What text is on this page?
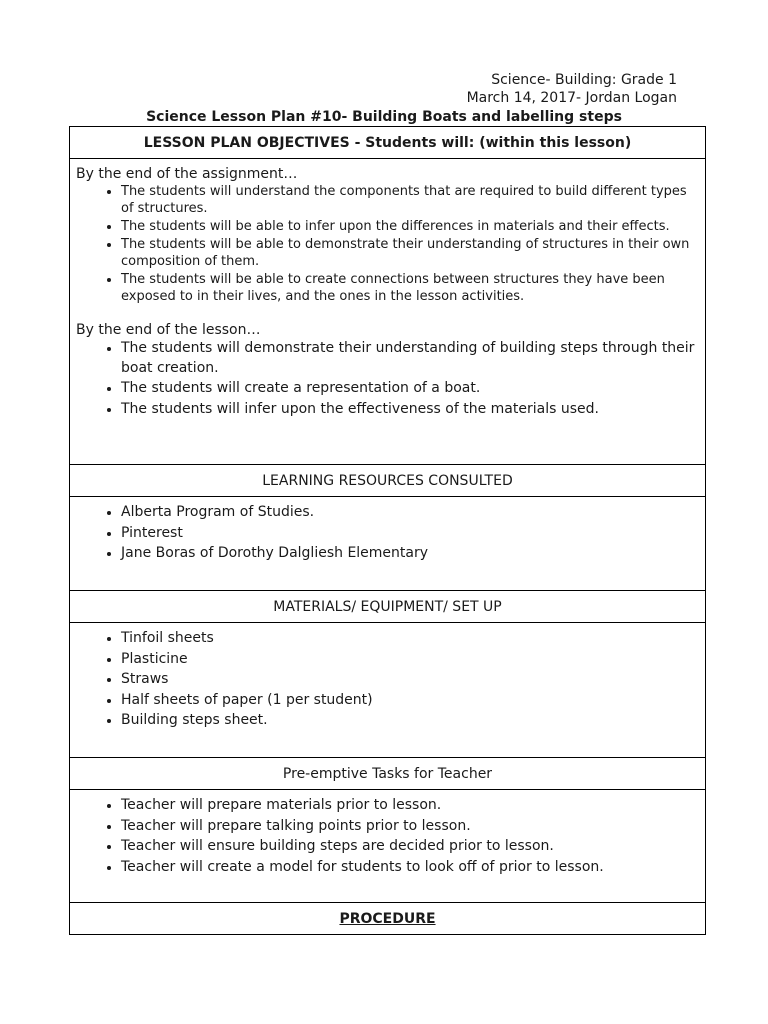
Science- Building: Grade 1
March 14, 2017- Jordan Logan
Science Lesson Plan #10- Building Boats and labelling steps
LESSON PLAN OBJECTIVES - Students will: (within this lesson)

By the end of the assignment…

• The students will understand the components that are required to build different types of structures.
• The students will be able to infer upon the differences in materials and their effects.
• The students will be able to demonstrate their understanding of structures in their own composition of them.
• The students will be able to create connections between structures they have been exposed to in their lives, and the ones in the lesson activities.

By the end of the lesson…

• The students will demonstrate their understanding of building steps through their boat creation.
• The students will create a representation of a boat.
• The students will infer upon the effectiveness of the materials used.
LEARNING RESOURCES CONSULTED
• Alberta Program of Studies.
• Pinterest
• Jane Boras of Dorothy Dalgliesh Elementary
MATERIALS/ EQUIPMENT/ SET UP
• Tinfoil sheets
• Plasticine
• Straws
• Half sheets of paper (1 per student)
• Building steps sheet.
Pre-emptive Tasks for Teacher
• Teacher will prepare materials prior to lesson.
• Teacher will prepare talking points prior to lesson.
• Teacher will ensure building steps are decided prior to lesson.
• Teacher will create a model for students to look off of prior to lesson.
PROCEDURE
